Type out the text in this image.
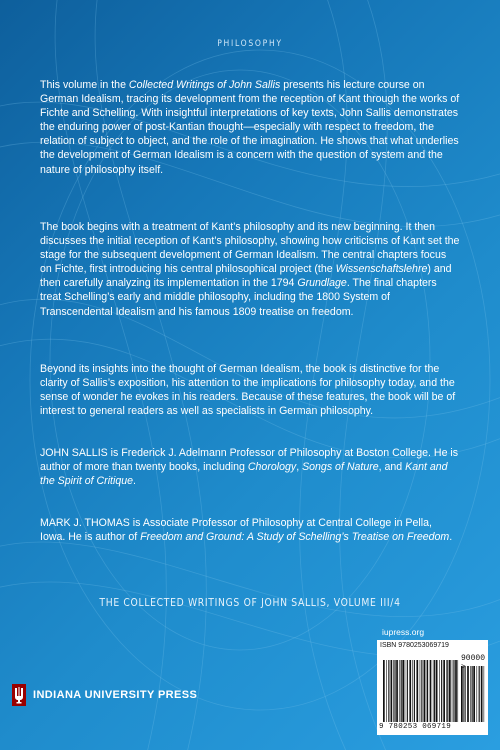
PHILOSOPHY

This volume in the Collected Writings of John Sallis presents his lecture course on German Idealism, tracing its development from the reception of Kant through the works of Fichte and Schelling. With insightful interpretations of key texts, John Sallis demonstrates the enduring power of post-Kantian thought—especially with respect to freedom, the relation of subject to object, and the role of the imagination. He shows that what underlies the development of German Idealism is a concern with the question of system and the nature of philosophy itself.

The book begins with a treatment of Kant’s philosophy and its new beginning. It then discusses the initial reception of Kant’s philosophy, showing how criticisms of Kant set the stage for the subsequent development of German Idealism. The central chapters focus on Fichte, first introducing his central philosophical project (the Wissenschaftslehre) and then carefully analyzing its implementation in the 1794 Grundlage. The final chapters treat Schelling’s early and middle philosophy, including the 1800 System of Transcendental Idealism and his famous 1809 treatise on freedom.

Beyond its insights into the thought of German Idealism, the book is distinctive for the clarity of Sallis’s exposition, his attention to the implications for philosophy today, and the sense of wonder he evokes in his readers. Because of these features, the book will be of interest to general readers as well as specialists in German philosophy.

JOHN SALLIS is Frederick J. Adelmann Professor of Philosophy at Boston College. He is author of more than twenty books, including Chorology, Songs of Nature, and Kant and the Spirit of Critique.

MARK J. THOMAS is Associate Professor of Philosophy at Central College in Pella, Iowa. He is author of Freedom and Ground: A Study of Schelling’s Treatise on Freedom.

THE COLLECTED WRITINGS OF JOHN SALLIS, VOLUME III/4
iupress.org
ISBN 9780253069719
90000
9 780253 069719
INDIANA UNIVERSITY PRESS
